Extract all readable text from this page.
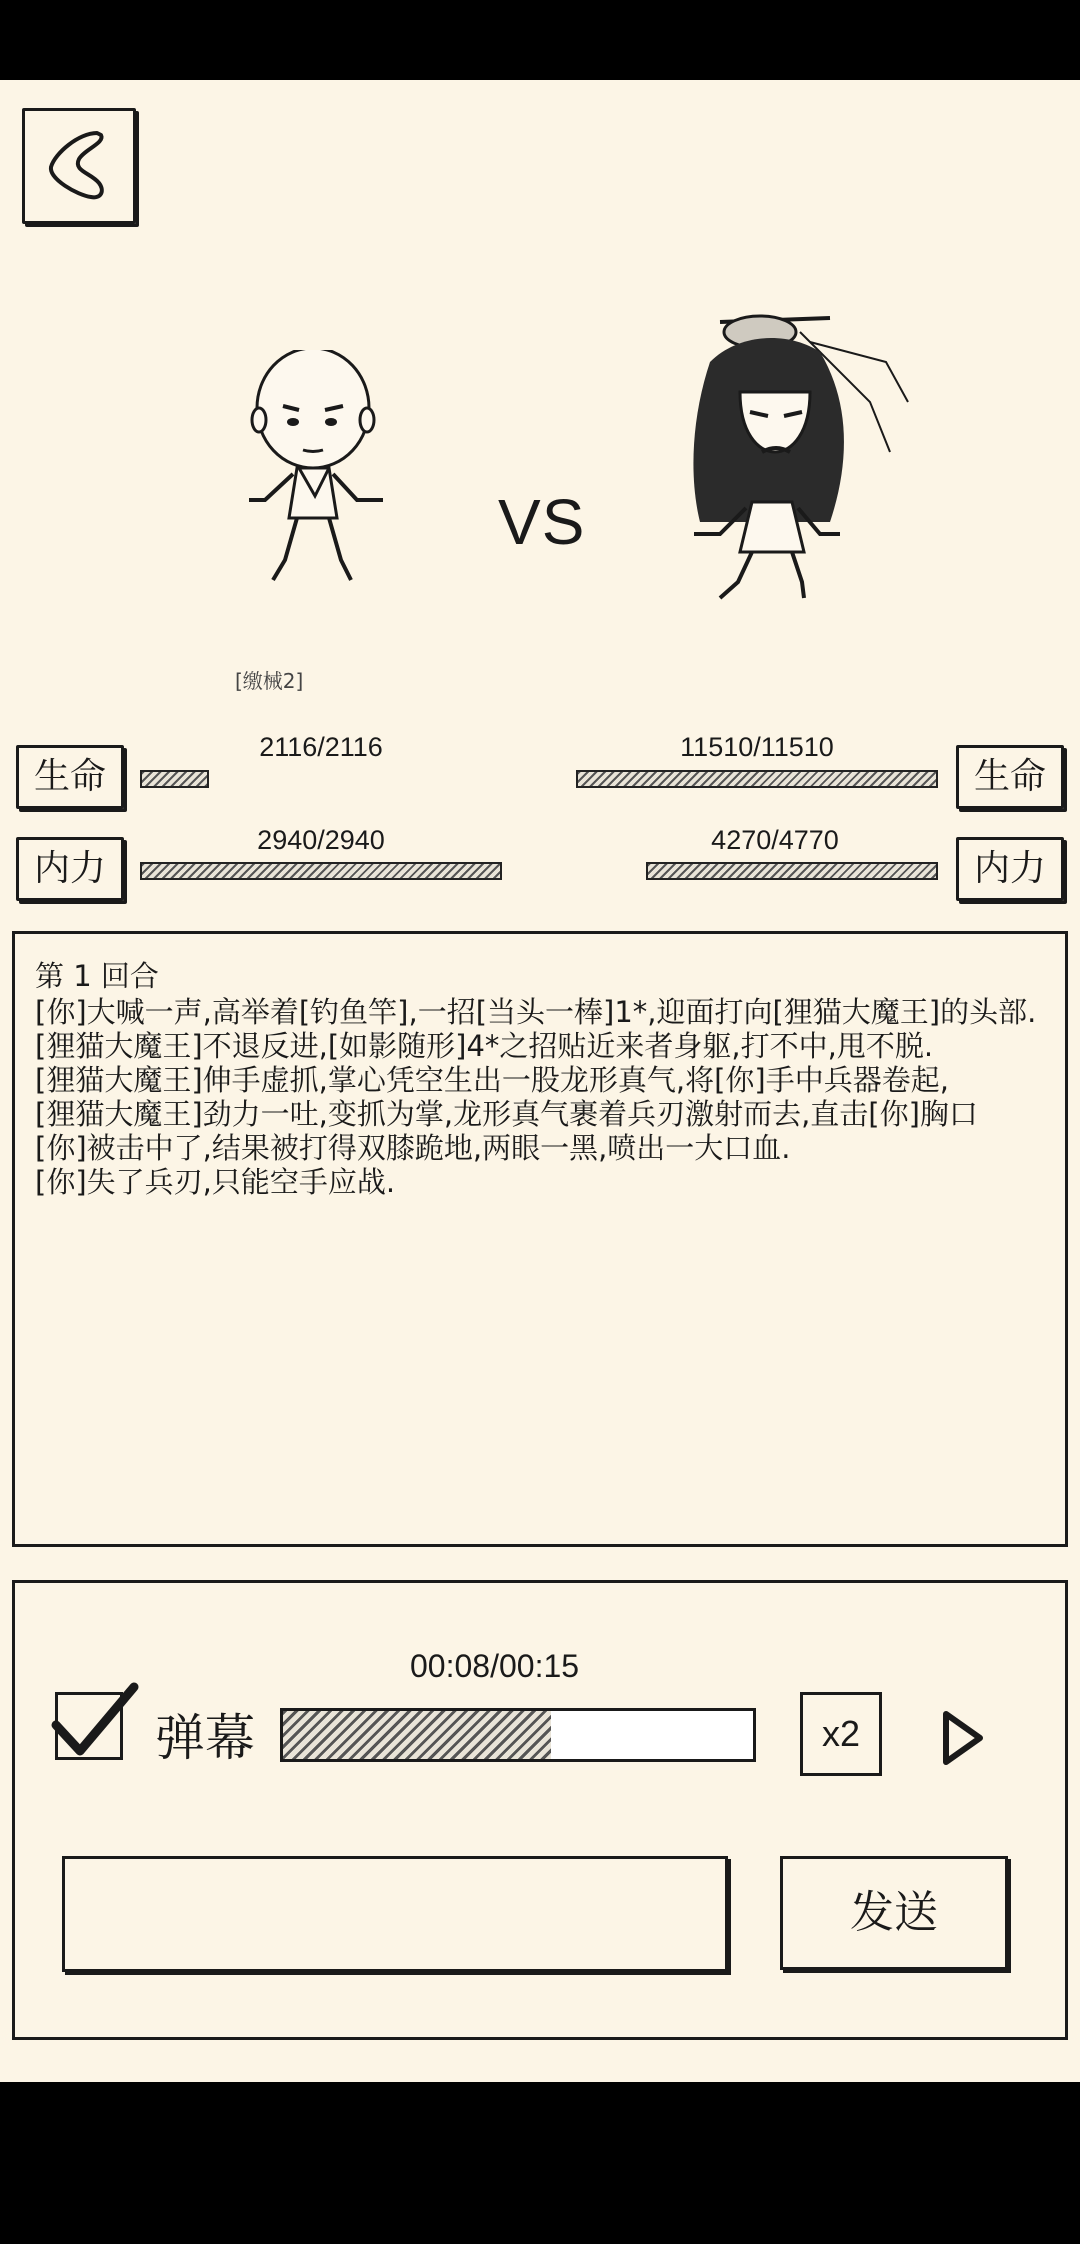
VS
[缴械2]
生命
2116/2116
内力
2940/2940
生命
11510/11510
内力
4270/4770
第 1 回合
[你]大喊一声,高举着[钓鱼竿],一招[当头一棒]1*,迎面打向[狸猫大魔王]的头部.
[狸猫大魔王]不退反进,[如影随形]4*之招贴近来者身躯,打不中,甩不脱.
[狸猫大魔王]伸手虚抓,掌心凭空生出一股龙形真气,将[你]手中兵器卷起,
[狸猫大魔王]劲力一吐,变抓为掌,龙形真气裹着兵刃激射而去,直击[你]胸口
[你]被击中了,结果被打得双膝跪地,两眼一黑,喷出一大口血.
[你]失了兵刃,只能空手应战.
00:08/00:15
弹幕	x2
发送
